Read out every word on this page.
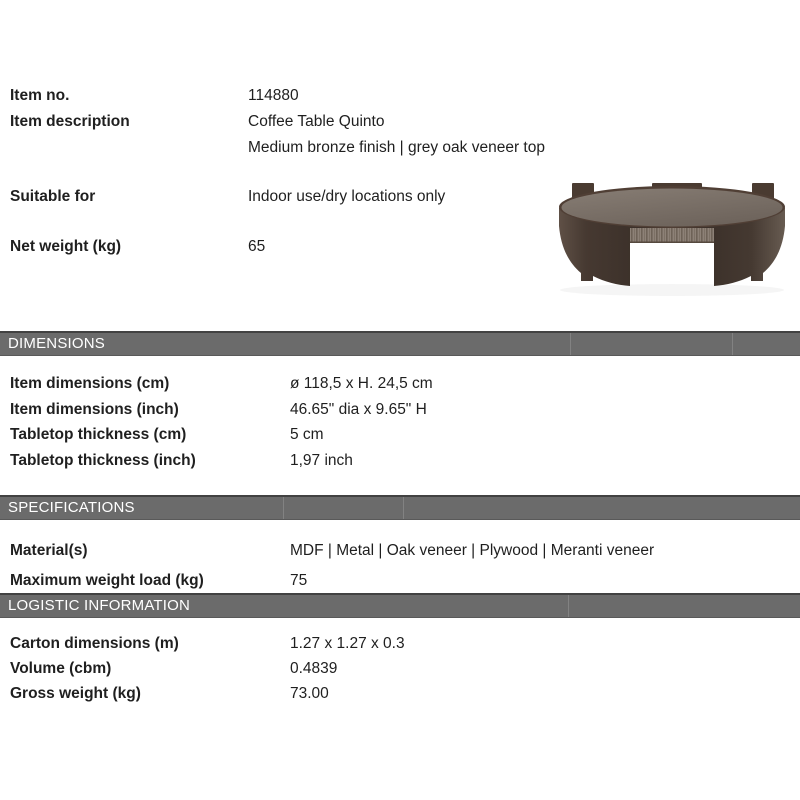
Item no.	114880
Item description	Coffee Table Quinto
Medium bronze finish | grey oak veneer top
Suitable for	Indoor use/dry locations only
Net weight (kg)	65
DIMENSIONS
Item dimensions (cm)	ø 118,5 x H. 24,5 cm
Item dimensions (inch)	46.65" dia x 9.65" H
Tabletop thickness (cm)	5 cm
Tabletop thickness (inch)	1,97 inch
SPECIFICATIONS
Material(s)	MDF | Metal | Oak veneer | Plywood | Meranti veneer
Maximum weight load (kg)	75
LOGISTIC INFORMATION
Carton dimensions (m)	1.27 x 1.27 x 0.3
Volume (cbm)	0.4839
Gross weight (kg)	73.00
